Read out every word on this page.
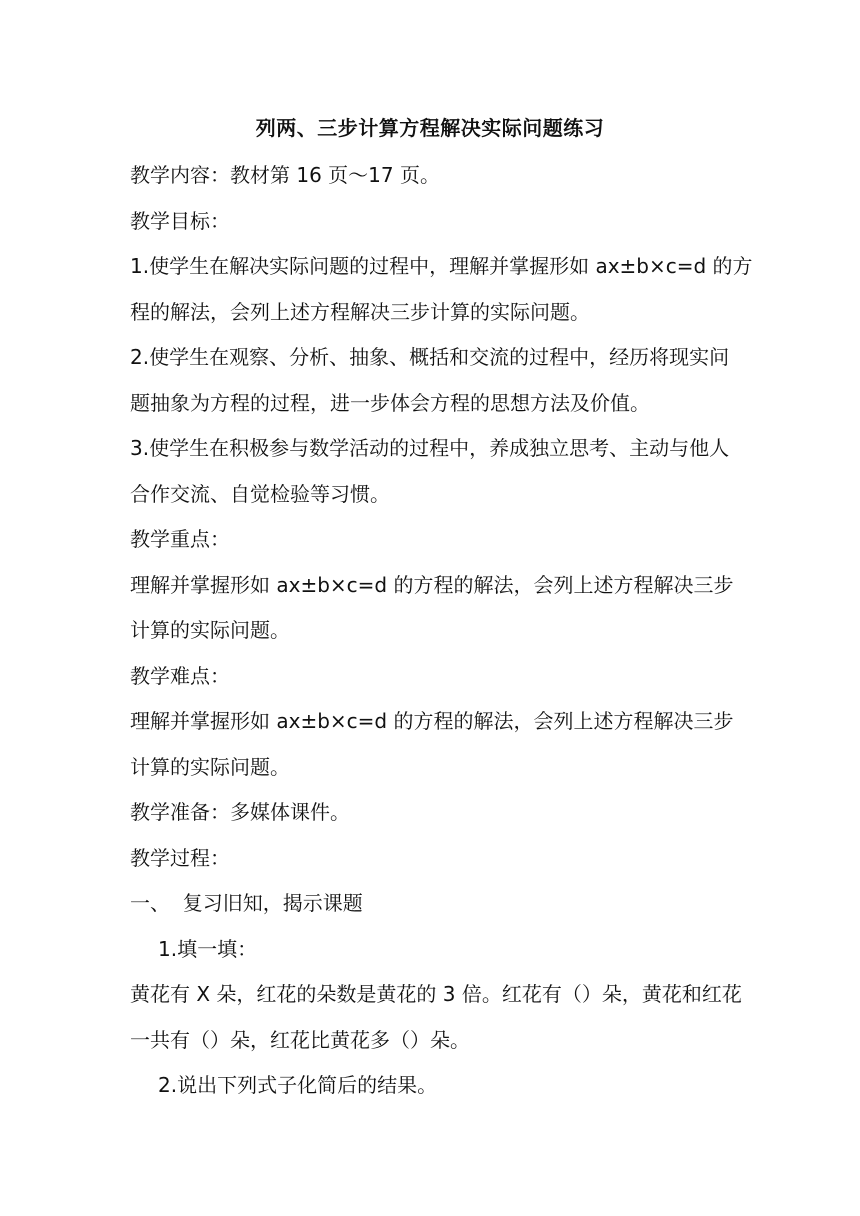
列两、三步计算方程解决实际问题练习
教学内容：教材第 16 页～17 页。
教学目标：
1.使学生在解决实际问题的过程中，理解并掌握形如 ax±b×c=d 的方
程的解法，会列上述方程解决三步计算的实际问题。
2.使学生在观察、分析、抽象、概括和交流的过程中，经历将现实问
题抽象为方程的过程，进一步体会方程的思想方法及价值。
3.使学生在积极参与数学活动的过程中，养成独立思考、主动与他人
合作交流、自觉检验等习惯。
教学重点：
理解并掌握形如 ax±b×c=d 的方程的解法，会列上述方程解决三步
计算的实际问题。
教学难点：
理解并掌握形如 ax±b×c=d 的方程的解法，会列上述方程解决三步
计算的实际问题。
教学准备：多媒体课件。
教学过程：
一、  复习旧知，揭示课题
1.填一填：
黄花有 X 朵，红花的朵数是黄花的 3 倍。红花有（）朵，黄花和红花
一共有（）朵，红花比黄花多（）朵。
2.说出下列式子化简后的结果。
